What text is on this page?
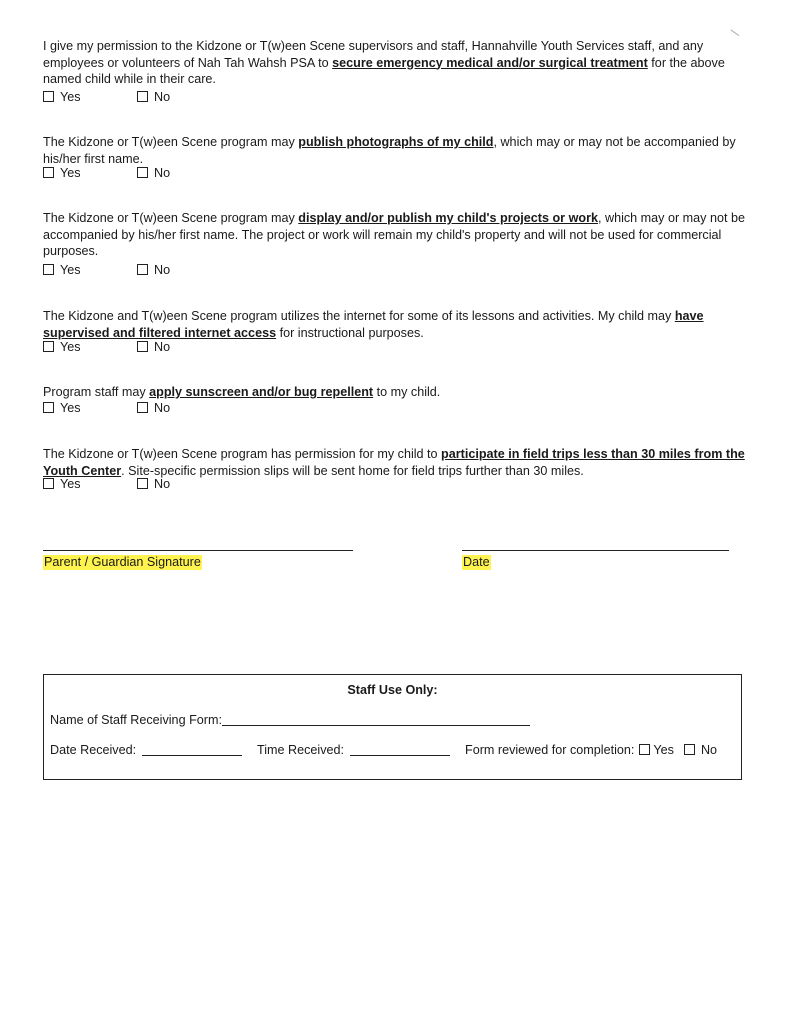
I give my permission to the Kidzone or T(w)een Scene supervisors and staff, Hannahville Youth Services staff, and any employees or volunteers of Nah Tah Wahsh PSA to secure emergency medical and/or surgical treatment for the above named child while in their care.
Yes	No
The Kidzone or T(w)een Scene program may publish photographs of my child, which may or may not be accompanied by his/her first name.
Yes	No
The Kidzone or T(w)een Scene program may display and/or publish my child's projects or work, which may or may not be accompanied by his/her first name. The project or work will remain my child's property and will not be used for commercial purposes.
Yes	No
The Kidzone and T(w)een Scene program utilizes the internet for some of its lessons and activities. My child may have supervised and filtered internet access for instructional purposes.
Yes	No
Program staff may apply sunscreen and/or bug repellent to my child.
Yes	No
The Kidzone or T(w)een Scene program has permission for my child to participate in field trips less than 30 miles from the Youth Center. Site-specific permission slips will be sent home for field trips further than 30 miles.
Yes	No
Parent / Guardian Signature	Date
Staff Use Only:
Name of Staff Receiving Form:
Date Received:	Time Received:	Form reviewed for completion: Yes No
